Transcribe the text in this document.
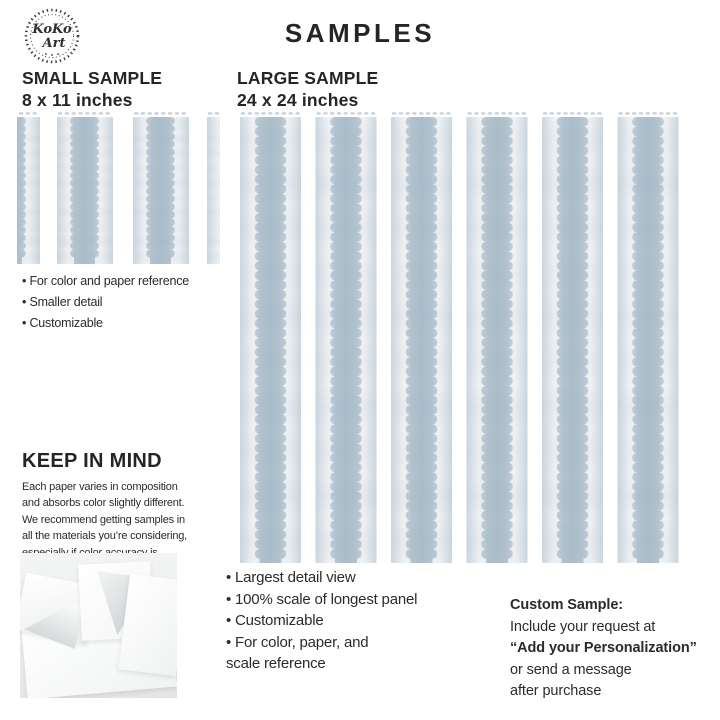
KoKo
Art	SAMPLES
SMALL SAMPLE
8 x 11 inches
• For color and paper reference
• Smaller detail
• Customizable
LARGE SAMPLE
24 x 24 inches
• Largest detail view
• 100% scale of longest panel
• Customizable
• For color, paper, and
scale reference
KEEP IN MIND
Each paper varies in composition
and absorbs color slightly different.
We recommend getting samples in
all the materials you’re considering,
Custom Sample:
Include your request at
“Add your Personalization”
or send a message
after purchase
